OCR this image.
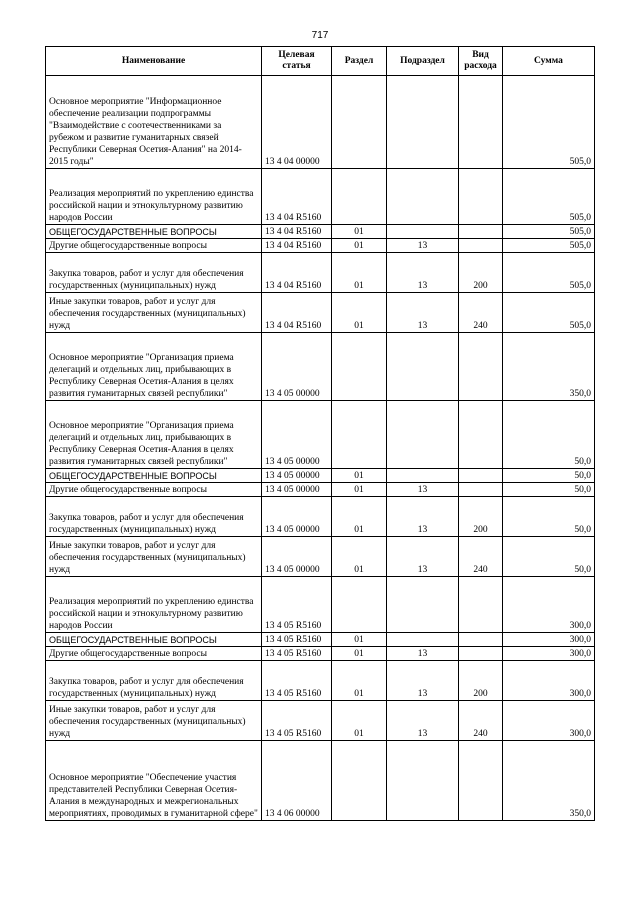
717
Наименование	Целевая статья	Раздел	Подраздел	Вид расхода	Сумма
Основное мероприятие "Информационное обеспечение реализации подпрограммы "Взаимодействие с соотечественниками за рубежом и развитие гуманитарных связей Республики Северная Осетия-Алания" на 2014-2015 годы"	13 4 04 00000				505,0
Реализация мероприятий по укреплению единства российской нации и этнокультурному развитию народов России	13 4 04 R5160				505,0
ОБЩЕГОСУДАРСТВЕННЫЕ ВОПРОСЫ	13 4 04 R5160	01			505,0
Другие общегосударственные вопросы	13 4 04 R5160	01	13		505,0
Закупка товаров, работ и услуг для обеспечения государственных (муниципальных) нужд	13 4 04 R5160	01	13	200	505,0
Иные закупки товаров, работ и услуг для обеспечения государственных (муниципальных) нужд	13 4 04 R5160	01	13	240	505,0
Основное мероприятие "Организация приема делегаций и отдельных лиц, прибывающих в Республику Северная Осетия-Алания в целях развития гуманитарных связей республики"	13 4 05 00000				350,0
Основное мероприятие "Организация приема делегаций и отдельных лиц, прибывающих в Республику Северная Осетия-Алания в целях развития гуманитарных связей республики"	13 4 05 00000				50,0
ОБЩЕГОСУДАРСТВЕННЫЕ ВОПРОСЫ	13 4 05 00000	01			50,0
Другие общегосударственные вопросы	13 4 05 00000	01	13		50,0
Закупка товаров, работ и услуг для обеспечения государственных (муниципальных) нужд	13 4 05 00000	01	13	200	50,0
Иные закупки товаров, работ и услуг для обеспечения государственных (муниципальных) нужд	13 4 05 00000	01	13	240	50,0
Реализация мероприятий по укреплению единства российской нации и этнокультурному развитию народов России	13 4 05 R5160				300,0
ОБЩЕГОСУДАРСТВЕННЫЕ ВОПРОСЫ	13 4 05 R5160	01			300,0
Другие общегосударственные вопросы	13 4 05 R5160	01	13		300,0
Закупка товаров, работ и услуг для обеспечения государственных (муниципальных) нужд	13 4 05 R5160	01	13	200	300,0
Иные закупки товаров, работ и услуг для обеспечения государственных (муниципальных) нужд	13 4 05 R5160	01	13	240	300,0
Основное мероприятие "Обеспечение участия представителей Республики Северная Осетия-Алания в международных и межрегиональных мероприятиях, проводимых в гуманитарной сфере"	13 4 06 00000				350,0
